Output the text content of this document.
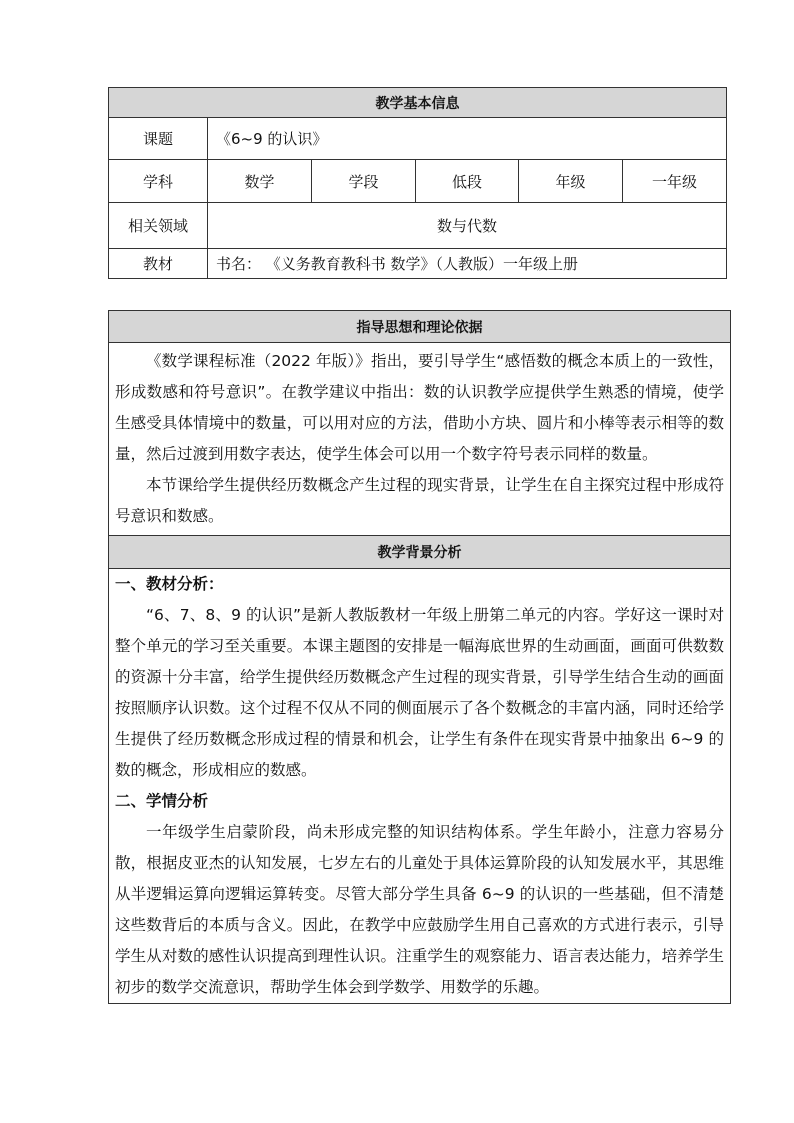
教学基本信息					
课题	《6~9 的认识》				
学科	数学	学段	低段	年级	一年级
相关领域	数与代数				
教材	书名： 《义务教育教科书 数学》（人教版）一年级上册				
指导思想和理论依据

《数学课程标准（2022 年版）》指出，要引导学生“感悟数的概念本质上的一致性，形成数感和符号意识”。在教学建议中指出：数的认识教学应提供学生熟悉的情境，使学生感受具体情境中的数量，可以用对应的方法，借助小方块、圆片和小棒等表示相等的数量，然后过渡到用数字表达，使学生体会可以用一个数字符号表示同样的数量。

本节课给学生提供经历数概念产生过程的现实背景，让学生在自主探究过程中形成符号意识和数感。

教学背景分析

一、教材分析：

“6、7、8、9 的认识”是新人教版教材一年级上册第二单元的内容。学好这一课时对整个单元的学习至关重要。本课主题图的安排是一幅海底世界的生动画面，画面可供数数的资源十分丰富，给学生提供经历数概念产生过程的现实背景，引导学生结合生动的画面按照顺序认识数。这个过程不仅从不同的侧面展示了各个数概念的丰富内涵，同时还给学生提供了经历数概念形成过程的情景和机会，让学生有条件在现实背景中抽象出 6~9 的数的概念，形成相应的数感。

二、学情分析

一年级学生启蒙阶段，尚未形成完整的知识结构体系。学生年龄小，注意力容易分散，根据皮亚杰的认知发展，七岁左右的儿童处于具体运算阶段的认知发展水平，其思维从半逻辑运算向逻辑运算转变。尽管大部分学生具备 6~9 的认识的一些基础，但不清楚这些数背后的本质与含义。因此，在教学中应鼓励学生用自己喜欢的方式进行表示，引导学生从对数的感性认识提高到理性认识。注重学生的观察能力、语言表达能力，培养学生初步的数学交流意识，帮助学生体会到学数学、用数学的乐趣。
